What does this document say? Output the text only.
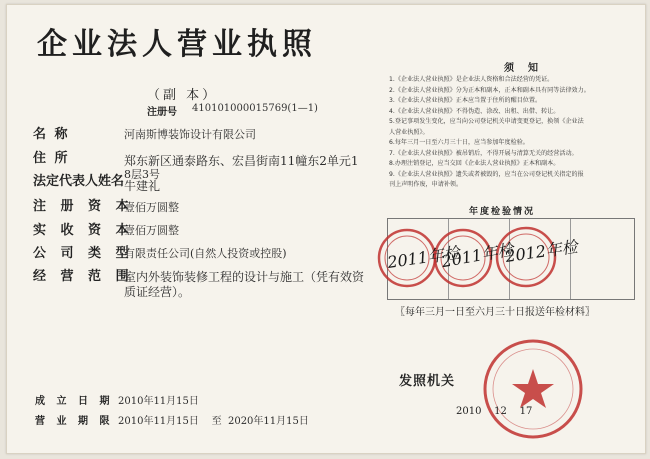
企业法人营业执照
（副 本）
注册号 410101000015769(1—1)
名 称	河南斯博装饰设计有限公司
住 所	郑东新区通泰路东、宏昌街南11幢东2单元1
8层3号
法定代表人姓名 牛建礼
注 册 资 本
壹佰万圆整
实 收 资 本
壹佰万圆整
公 司 类 型
有限责任公司(自然人投资或控股)
经 营 范 围
室内外装饰装修工程的设计与施工（凭有效资
质证经营）。
成 立 日 期 2010年11月15日
营 业 期 限 2010年11月15日    至  2020年11月15日
须知
1.《企业法人营业执照》是企业法人资格和合法经营的凭证。
2.《企业法人营业执照》分为正本和副本，正本和副本具有同等法律效力。
3.《企业法人营业执照》正本应当置于住所的醒目位置。
4.《企业法人营业执照》不得伪造、涂改、出租、出借、转让。
5.登记事项发生变化，应当向公司登记机关申请变更登记，换领《企业法
人营业执照》。
6.每年三月一日至六月三十日，应当参加年度检验。
7.《企业法人营业执照》被吊销后，不得开展与清算无关的经营活动。
8.办理注销登记，应当交回《企业法人营业执照》正本和副本。
9.《企业法人营业执照》遗失或者被毁的，应当在公司登记机关指定的报
刊上声明作废，申请补领。
年度检验情况
2011年检
2011年检
2012年检
〖每年三月一日至六月三十日报送年检材料〗
发照机关
2010    12    17
